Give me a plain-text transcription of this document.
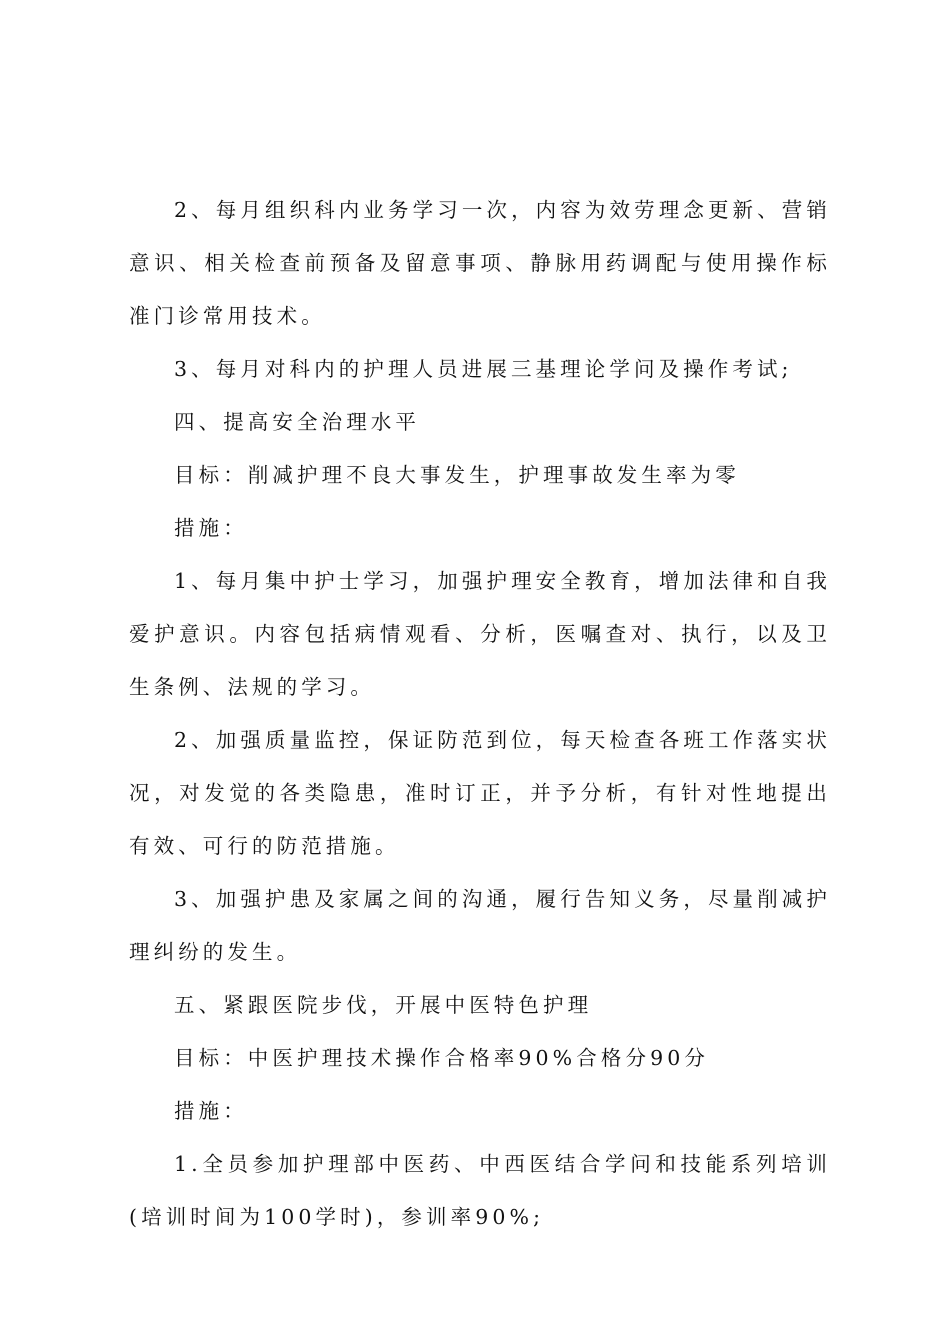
2、每月组织科内业务学习一次，内容为效劳理念更新、营销意识、相关检查前预备及留意事项、静脉用药调配与使用操作标准门诊常用技术。

3、每月对科内的护理人员进展三基理论学问及操作考试;

四、提高安全治理水平

目标：削减护理不良大事发生，护理事故发生率为零

措施：

1、每月集中护士学习，加强护理安全教育，增加法律和自我爱护意识。内容包括病情观看、分析，医嘱查对、执行，以及卫生条例、法规的学习。

2、加强质量监控，保证防范到位，每天检查各班工作落实状况，对发觉的各类隐患，准时订正，并予分析，有针对性地提出有效、可行的防范措施。

3、加强护患及家属之间的沟通，履行告知义务，尽量削减护理纠纷的发生。

五、紧跟医院步伐，开展中医特色护理

目标：中医护理技术操作合格率90%合格分90分

措施：

1.全员参加护理部中医药、中西医结合学问和技能系列培训(培训时间为100学时)，参训率90%;
